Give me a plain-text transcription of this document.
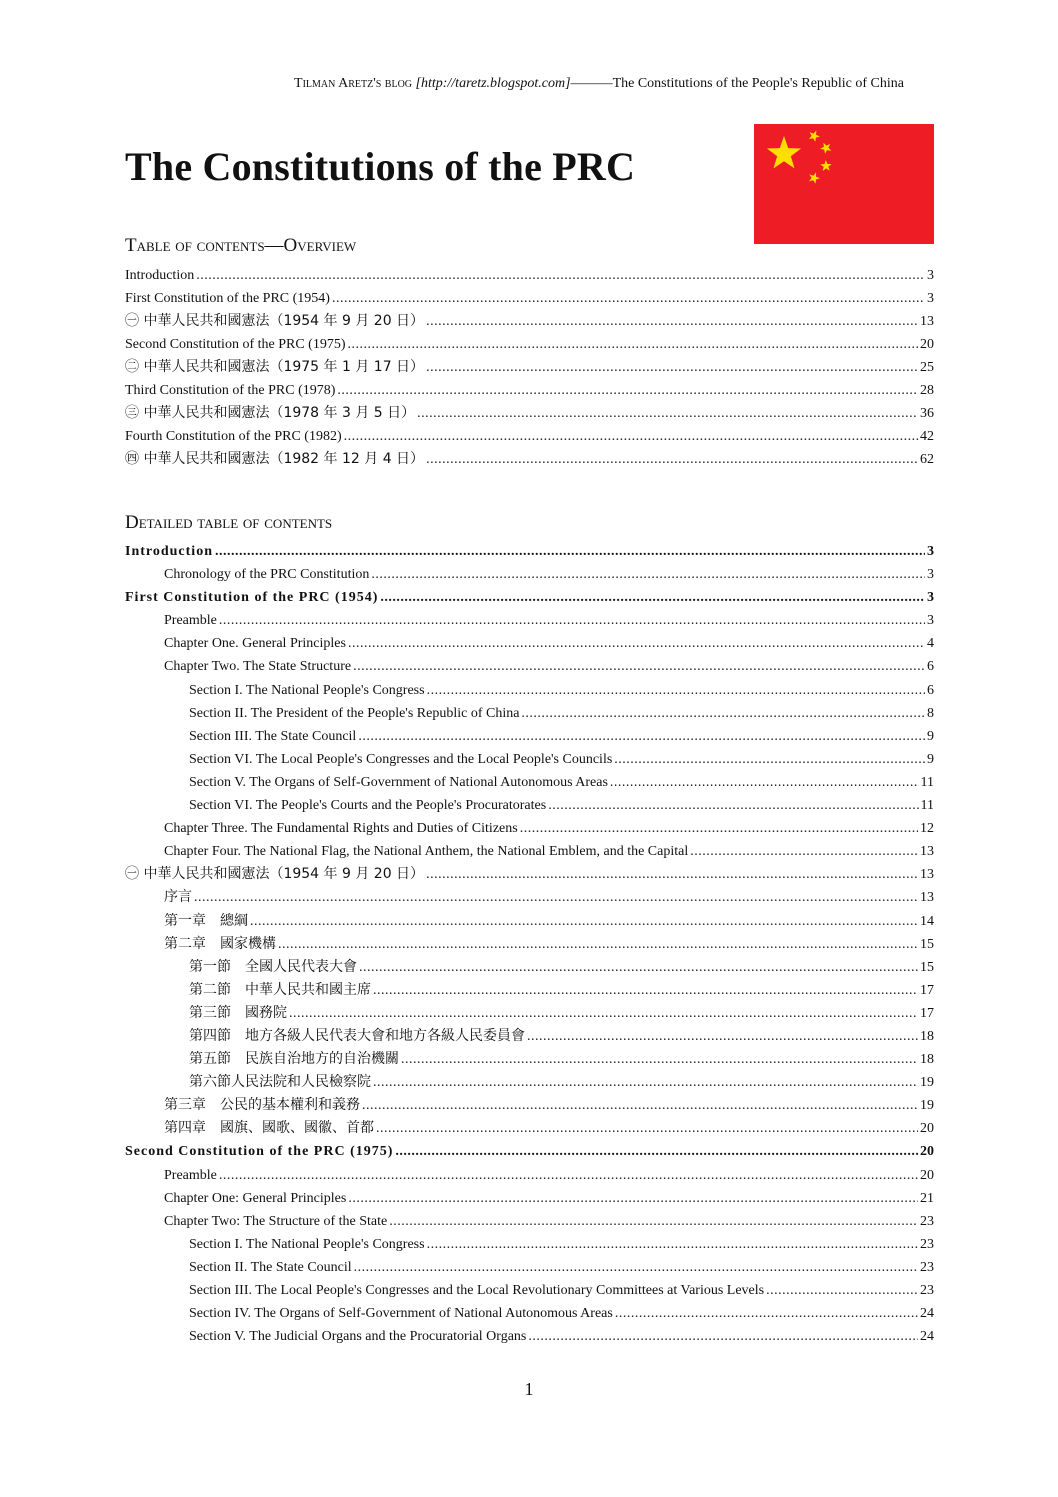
Tilman Aretz's blog [http://taretz.blogspot.com]———The Constitutions of the People's Republic of China
The Constitutions of the PRC
Table of contents—Overview
Introduction .....	3
First Constitution of the PRC (1954) .....	3
㊀ 中華人民共和國憲法（1954 年 9 月 20 日） .....	13
Second Constitution of the PRC (1975) .....	20
㊁ 中華人民共和國憲法（1975 年 1 月 17 日） .....	25
Third Constitution of the PRC (1978) .....	28
㊂ 中華人民共和國憲法（1978 年 3 月 5 日） .....	36
Fourth Constitution of the PRC (1982) .....	42
㊃ 中華人民共和國憲法（1982 年 12 月 4 日） .....	62
Detailed table of contents
Introduction .....	3
Chronology of the PRC Constitution .....	3
First Constitution of the PRC (1954) .....	3
Preamble .....	3
Chapter One. General Principles .....	4
Chapter Two. The State Structure .....	6
Section I. The National People's Congress .....	6
Section II. The President of the People's Republic of China .....	8
Section III. The State Council .....	9
Section VI. The Local People's Congresses and the Local People's Councils .....	9
Section V. The Organs of Self-Government of National Autonomous Areas .....	11
Section VI. The People's Courts and the People's Procuratorates .....	11
Chapter Three. The Fundamental Rights and Duties of Citizens .....	12
Chapter Four. The National Flag, the National Anthem, the National Emblem, and the Capital .....	13
㊀ 中華人民共和國憲法（1954 年 9 月 20 日） .....	13
序言 .....	13
第一章　總綱 .....	14
第二章　國家機構 .....	15
第一節　全國人民代表大會 .....	15
第二節　中華人民共和國主席 .....	17
第三節　國務院 .....	17
第四節　地方各級人民代表大會和地方各級人民委員會 .....	18
第五節　民族自治地方的自治機關 .....	18
第六節人民法院和人民檢察院 .....	19
第三章　公民的基本權利和義務 .....	19
第四章　國旗、國歌、國徽、首都 .....	20
Second Constitution of the PRC (1975) .....	20
Preamble .....	20
Chapter One: General Principles .....	21
Chapter Two: The Structure of the State .....	23
Section I. The National People's Congress .....	23
Section II. The State Council .....	23
Section III. The Local People's Congresses and the Local Revolutionary Committees at Various Levels .....	23
Section IV. The Organs of Self-Government of National Autonomous Areas .....	24
Section V. The Judicial Organs and the Procuratorial Organs .....	24
1
